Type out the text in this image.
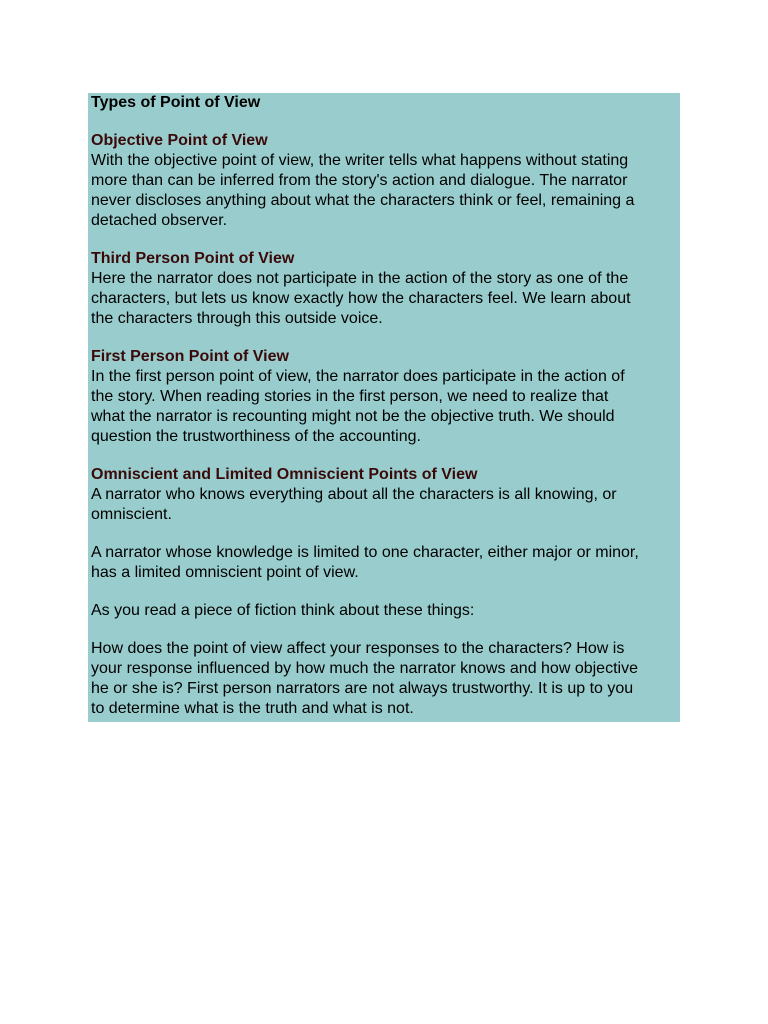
Types of Point of View
Objective Point of View
With the objective point of view, the writer tells what happens without stating
more than can be inferred from the story's action and dialogue. The narrator
never discloses anything about what the characters think or feel, remaining a
detached observer.
Third Person Point of View
Here the narrator does not participate in the action of the story as one of the
characters, but lets us know exactly how the characters feel. We learn about
the characters through this outside voice.
First Person Point of View
In the first person point of view, the narrator does participate in the action of
the story. When reading stories in the first person, we need to realize that
what the narrator is recounting might not be the objective truth. We should
question the trustworthiness of the accounting.
Omniscient and Limited Omniscient Points of View
A narrator who knows everything about all the characters is all knowing, or
omniscient.
A narrator whose knowledge is limited to one character, either major or minor,
has a limited omniscient point of view.
As you read a piece of fiction think about these things:
How does the point of view affect your responses to the characters? How is
your response influenced by how much the narrator knows and how objective
he or she is? First person narrators are not always trustworthy. It is up to you
to determine what is the truth and what is not.
